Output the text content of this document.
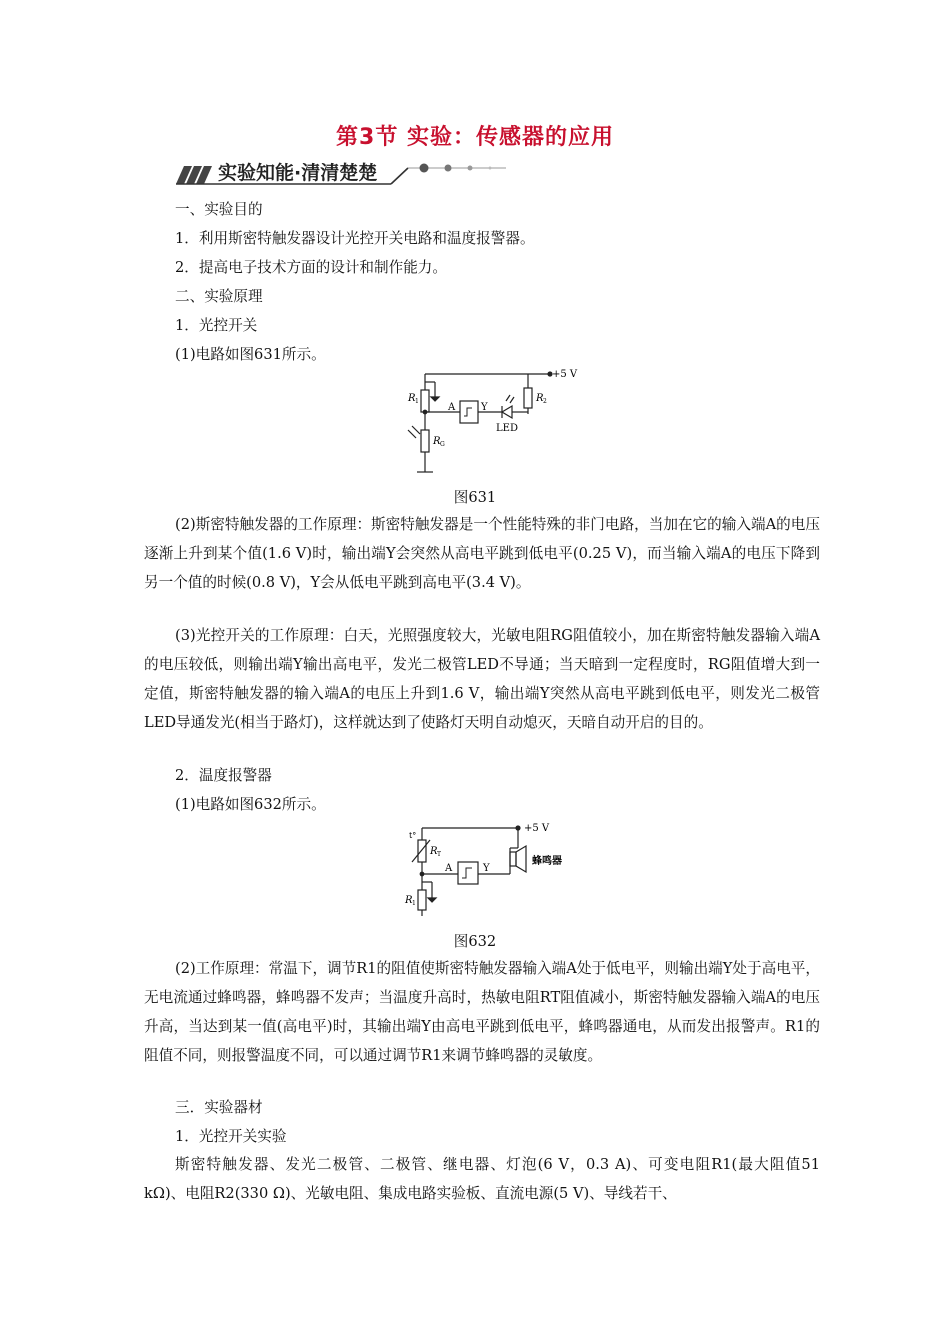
第3节 实验：传感器的应用
实验知能·清清楚楚
一、实验目的
1．利用斯密特触发器设计光控开关电路和温度报警器。
2．提高电子技术方面的设计和制作能力。
二、实验原理
1．光控开关
(1)电路如图631所示。
+5 V
R 1	R 2
R G
A	Y
LED
图631

(2)斯密特触发器的工作原理：斯密特触发器是一个性能特殊的非门电路，当加在它的输入端A的电压逐渐上升到某个值(1.6 V)时，输出端Y会突然从高电平跳到低电平(0.25 V)，而当输入端A的电压下降到另一个值的时候(0.8 V)，Y会从低电平跳到高电平(3.4 V)。

(3)光控开关的工作原理：白天，光照强度较大，光敏电阻RG阻值较小，加在斯密特触发器输入端A的电压较低，则输出端Y输出高电平，发光二极管LED不导通；当天暗到一定程度时，RG阻值增大到一定值，斯密特触发器的输入端A的电压上升到1.6 V，输出端Y突然从高电平跳到低电平，则发光二极管LED导通发光(相当于路灯)，这样就达到了使路灯天明自动熄灭，天暗自动开启的目的。

2．温度报警器
(1)电路如图632所示。
+5 V
t°
R T
R 1
A	Y
蜂鸣器
图632

(2)工作原理：常温下，调节R1的阻值使斯密特触发器输入端A处于低电平，则输出端Y处于高电平，无电流通过蜂鸣器，蜂鸣器不发声；当温度升高时，热敏电阻RT阻值减小，斯密特触发器输入端A的电压升高，当达到某一值(高电平)时，其输出端Y由高电平跳到低电平，蜂鸣器通电，从而发出报警声。R1的阻值不同，则报警温度不同，可以通过调节R1来调节蜂鸣器的灵敏度。

三．实验器材
1．光控开关实验

斯密特触发器、发光二极管、二极管、继电器、灯泡(6 V，0.3 A)、可变电阻R1(最大阻值51 kΩ)、电阻R2(330 Ω)、光敏电阻、集成电路实验板、直流电源(5 V)、导线若干、
